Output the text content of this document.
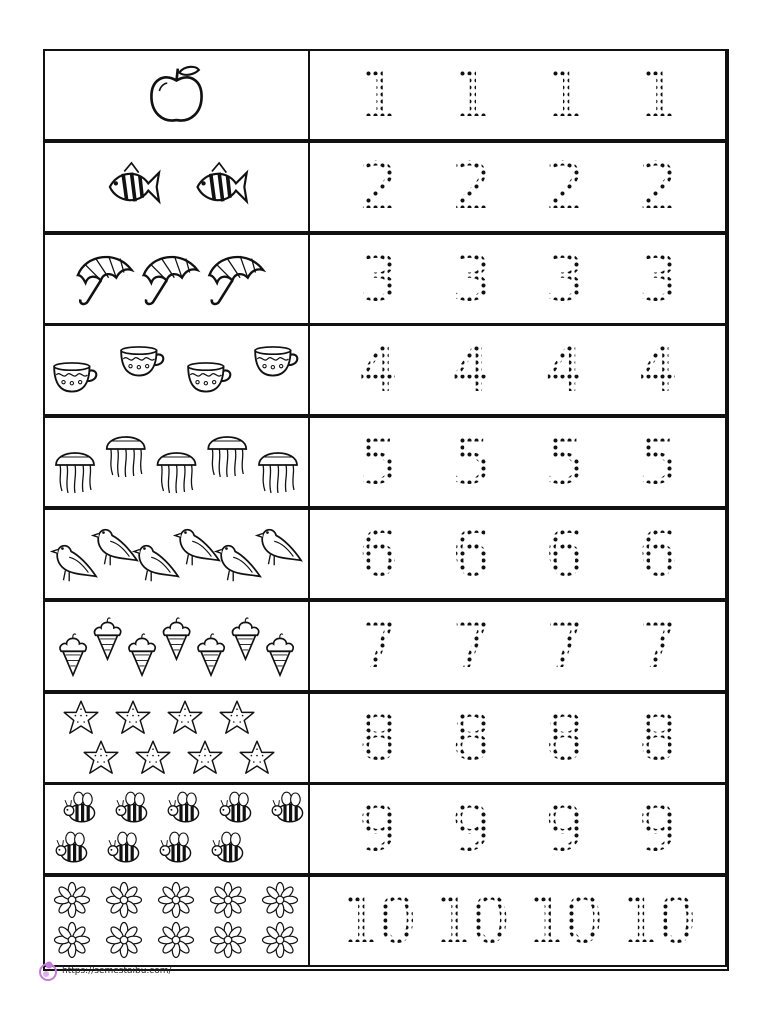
1 1 1 1
2 2 2 2
3 3 3 3
4 4 4 4
5 5 5 5
6 6 6 6
7 7 7 7
8 8 8 8
9 9 9 9
10 10 10 10
https://semestaibu.com/
